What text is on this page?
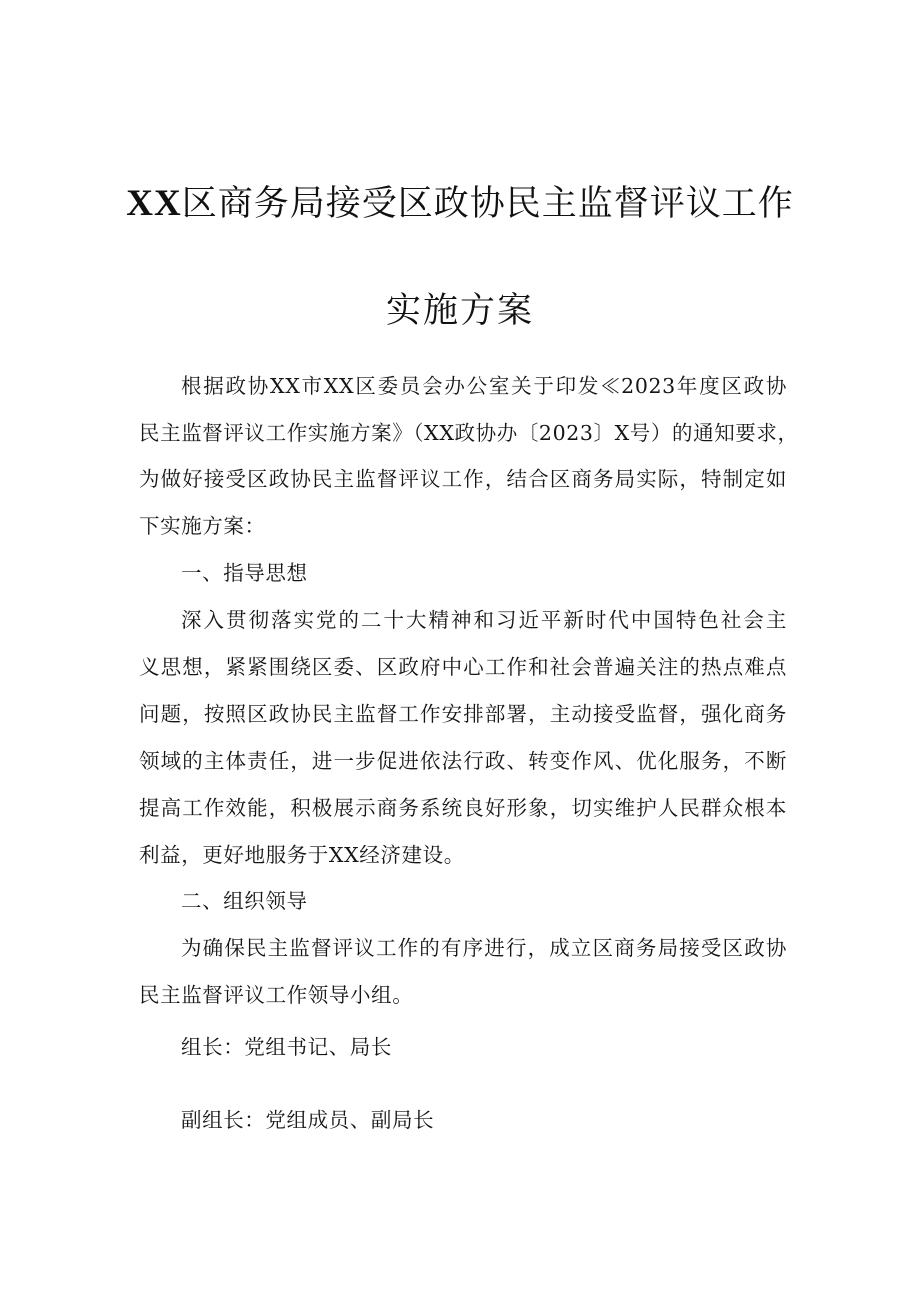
XX区商务局接受区政协民主监督评议工作
实施方案
根据政协XX市XX区委员会办公室关于印发≪2023年度区政协
民主监督评议工作实施方案》（XX政协办〔2023〕X号）的通知要求，
为做好接受区政协民主监督评议工作，结合区商务局实际，特制定如
下实施方案：
一、指导思想
深入贯彻落实党的二十大精神和习近平新时代中国特色社会主
义思想，紧紧围绕区委、区政府中心工作和社会普遍关注的热点难点
问题，按照区政协民主监督工作安排部署，主动接受监督，强化商务
领域的主体责任，进一步促进依法行政、转变作风、优化服务，不断
提高工作效能，积极展示商务系统良好形象，切实维护人民群众根本
利益，更好地服务于XX经济建设。
二、组织领导
为确保民主监督评议工作的有序进行，成立区商务局接受区政协
民主监督评议工作领导小组。
组长：党组书记、局长
副组长：党组成员、副局长
